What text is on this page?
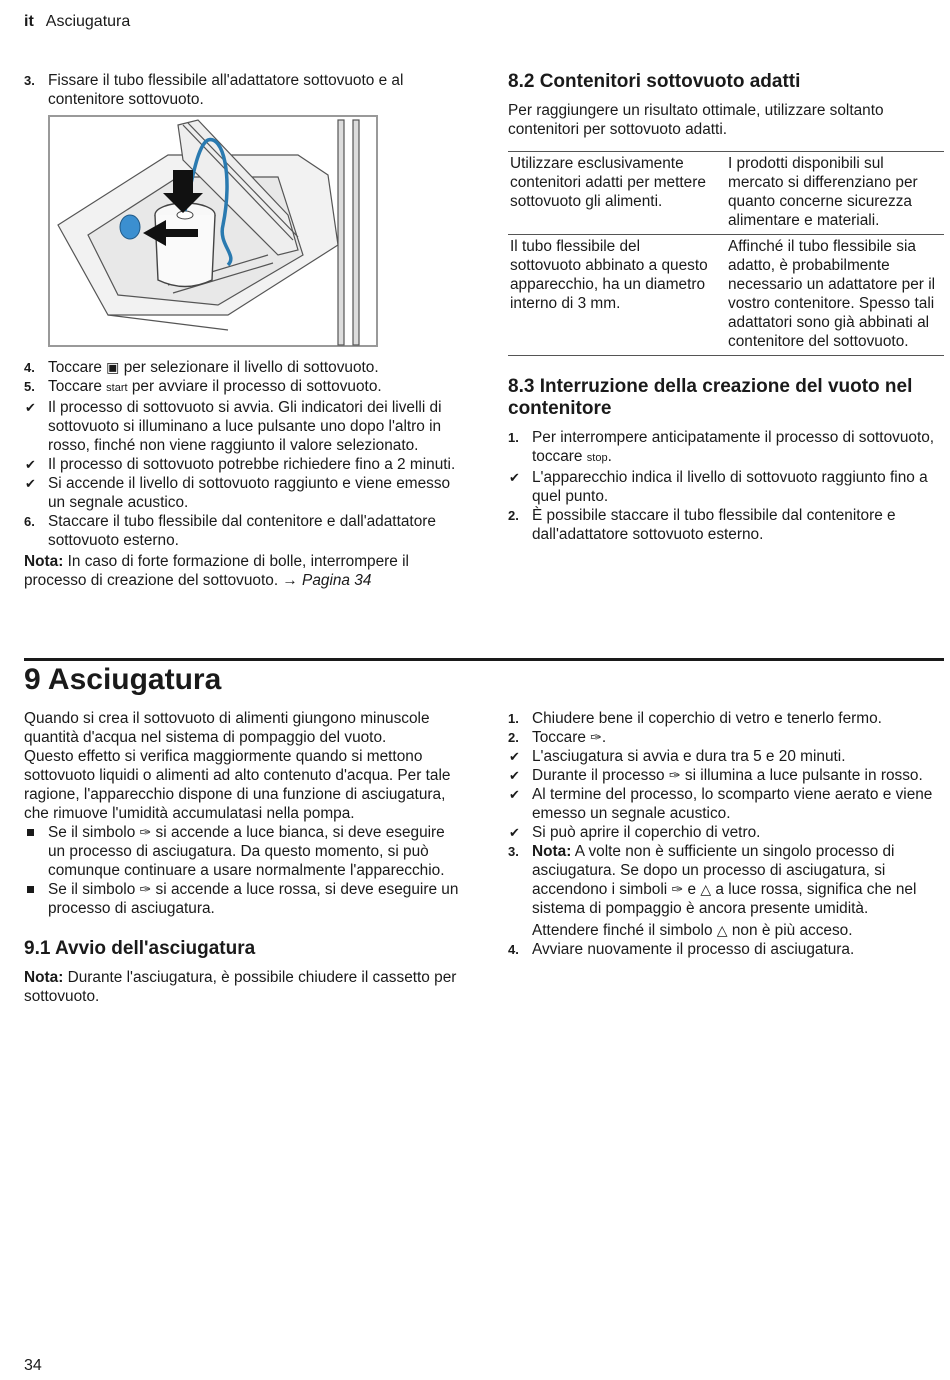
it Asciugatura
3. Fissare il tubo flessibile all'adattatore sottovuoto e al contenitore sottovuoto.
4. Toccare ▣ per selezionare il livello di sottovuoto.
5. Toccare start per avviare il processo di sottovuoto.
✔ Il processo di sottovuoto si avvia. Gli indicatori dei livelli di sottovuoto si illuminano a luce pulsante uno dopo l'altro in rosso, finché non viene raggiunto il valore selezionato.
✔ Il processo di sottovuoto potrebbe richiedere fino a 2 minuti.
✔ Si accende il livello di sottovuoto raggiunto e viene emesso un segnale acustico.
6. Staccare il tubo flessibile dal contenitore e dall'adattatore sottovuoto esterno.
Nota: In caso di forte formazione di bolle, interrompere il processo di creazione del sottovuoto. → Pagina 34
8.2 Contenitori sottovuoto adatti

Per raggiungere un risultato ottimale, utilizzare soltanto contenitori per sottovuoto adatti.

Utilizzare esclusivamente contenitori adatti per mettere sottovuoto gli alimenti.	I prodotti disponibili sul mercato si differenziano per quanto concerne sicurezza alimentare e materiali.
Il tubo flessibile del sottovuoto abbinato a questo apparecchio, ha un diametro interno di 3 mm.	Affinché il tubo flessibile sia adatto, è probabilmente necessario un adattatore per il vostro contenitore. Spesso tali adattatori sono già abbinati al contenitore del sottovuoto.
8.3 Interruzione della creazione del vuoto nel contenitore
1. Per interrompere anticipatamente il processo di sottovuoto, toccare stop.
✔ L'apparecchio indica il livello di sottovuoto raggiunto fino a quel punto.
2. È possibile staccare il tubo flessibile dal contenitore e dall'adattatore sottovuoto esterno.
9 Asciugatura

Quando si crea il sottovuoto di alimenti giungono minuscole quantità d'acqua nel sistema di pompaggio del vuoto.

Questo effetto si verifica maggiormente quando si mettono sottovuoto liquidi o alimenti ad alto contenuto d'acqua. Per tale ragione, l'apparecchio dispone di una funzione di asciugatura, che rimuove l'umidità accumulatasi nella pompa.

Se il simbolo ✑ si accende a luce bianca, si deve eseguire un processo di asciugatura. Da questo momento, si può comunque continuare a usare normalmente l'apparecchio.
Se il simbolo ✑ si accende a luce rossa, si deve eseguire un processo di asciugatura.
9.1 Avvio dell'asciugatura
Nota: Durante l'asciugatura, è possibile chiudere il cassetto per sottovuoto.
1. Chiudere bene il coperchio di vetro e tenerlo fermo.
2. Toccare ✑.
✔ L'asciugatura si avvia e dura tra 5 e 20 minuti.
✔ Durante il processo ✑ si illumina a luce pulsante in rosso.
✔ Al termine del processo, lo scomparto viene aerato e viene emesso un segnale acustico.
✔ Si può aprire il coperchio di vetro.
3. Nota: A volte non è sufficiente un singolo processo di asciugatura. Se dopo un processo di asciugatura, si accendono i simboli ✑ e △ a luce rossa, significa che nel sistema di pompaggio è ancora presente umidità.
Attendere finché il simbolo △ non è più acceso.
4. Avviare nuovamente il processo di asciugatura.
34
